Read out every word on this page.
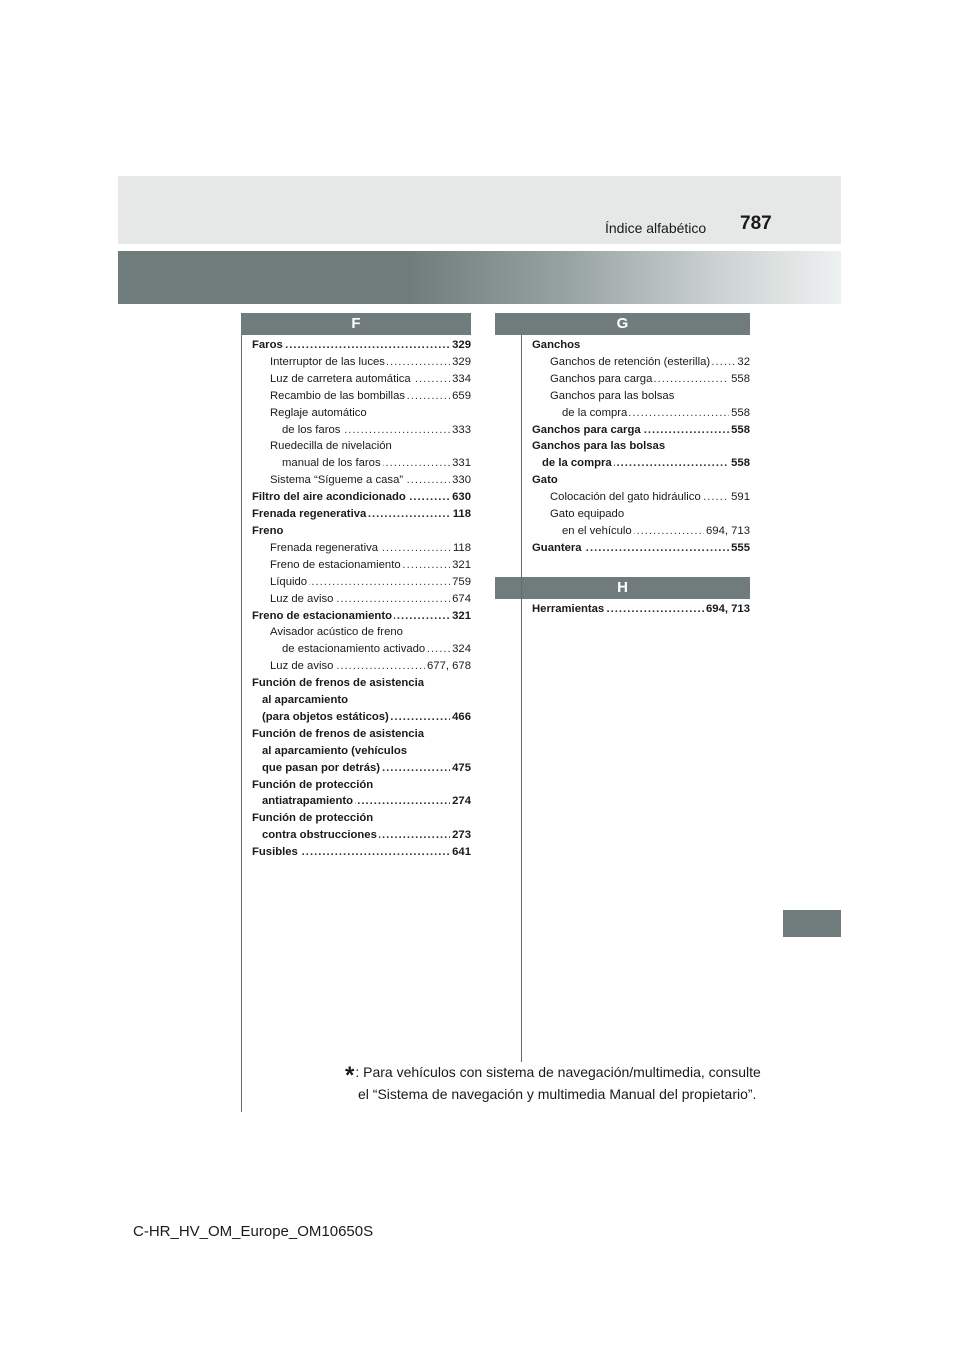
Índice alfabético 787
F	G
H
.....
Faros	329
.....
Interruptor de las luces	329
.....
Luz de carretera automática	334
.....
Recambio de las bombillas	659
Reglaje automático
.....
de los faros	333
Ruedecilla de nivelación
.....
manual de los faros	331
.....
Sistema “Sígueme a casa”	330
.....
Filtro del aire acondicionado	630
.....
Frenada regenerativa	118
Freno
.....
Frenada regenerativa	118
.....
Freno de estacionamiento	321
.....
Líquido	759
.....
Luz de aviso	674
.....
Freno de estacionamiento	321
Avisador acústico de freno
.....
de estacionamiento activado 324
.....
Luz de aviso	677, 678
Función de frenos de asistencia
al aparcamiento
.....
(para objetos estáticos)	466
Función de frenos de asistencia
al aparcamiento (vehículos
.....
que pasan por detrás)	475
Función de protección
.....
antiatrapamiento	274
Función de protección
.....
contra obstrucciones	273
.....
Fusibles	641
Ganchos
.....
Ganchos de retención (esterilla) 32
.....
Ganchos para carga	558
Ganchos para las bolsas
.....
de la compra	558
.....
Ganchos para carga	558
Ganchos para las bolsas
.....
de la compra	558
Gato
.....
Colocación del gato hidráulico	591
Gato equipado
.....
en el vehículo	694, 713
.....
Guantera	555
.....
Herramientas	694, 713
*: Para vehículos con sistema de navegación/multimedia, consulte
el “Sistema de navegación y multimedia Manual del propietario”.
C-HR_HV_OM_Europe_OM10650S
